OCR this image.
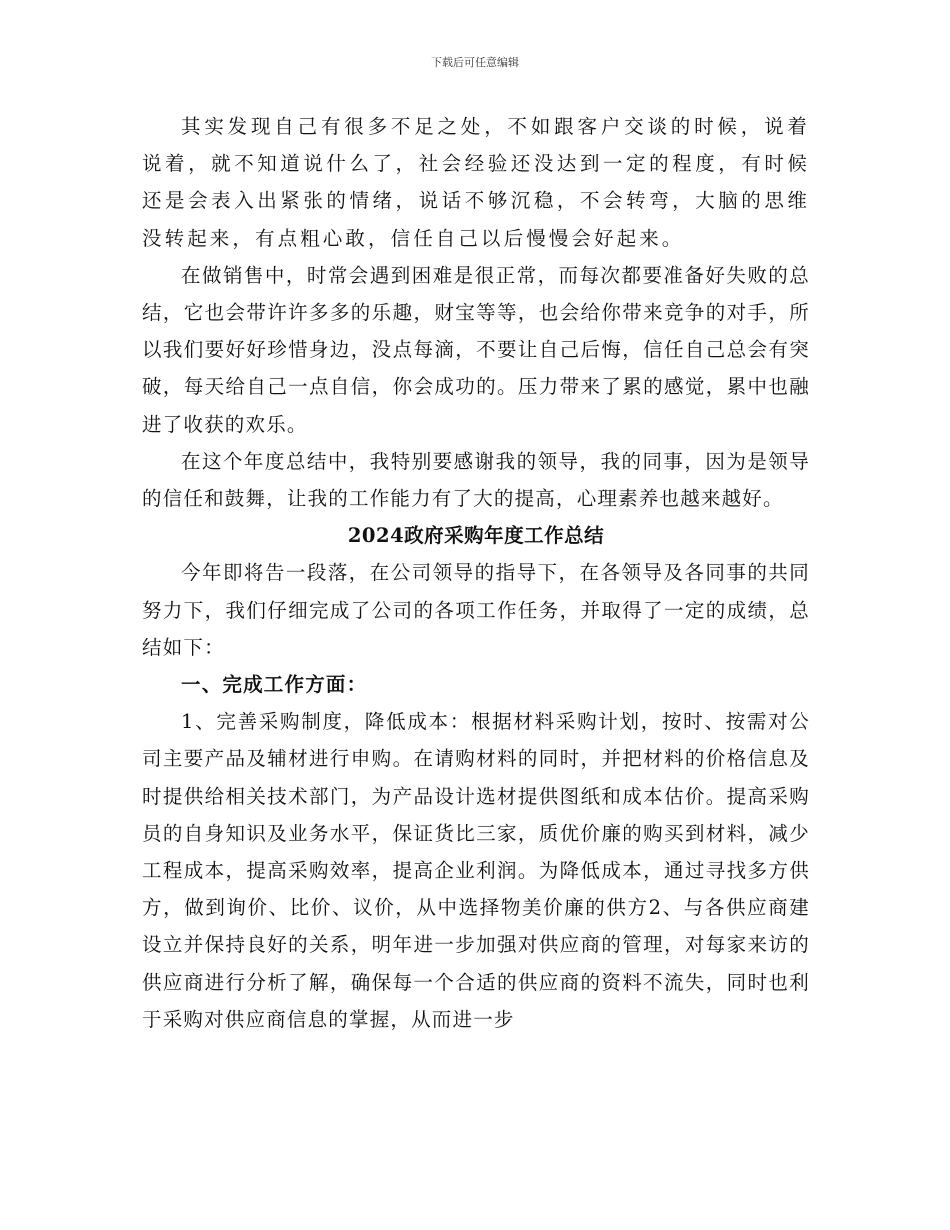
下载后可任意编辑

其实发现自己有很多不足之处，不如跟客户交谈的时候，说着说着，就不知道说什么了，社会经验还没达到一定的程度，有时候还是会表入出紧张的情绪，说话不够沉稳，不会转弯，大脑的思维没转起来，有点粗心敢，信任自己以后慢慢会好起来。

在做销售中，时常会遇到困难是很正常，而每次都要准备好失败的总结，它也会带许许多多的乐趣，财宝等等，也会给你带来竞争的对手，所以我们要好好珍惜身边，没点每滴，不要让自己后悔，信任自己总会有突破，每天给自己一点自信，你会成功的。压力带来了累的感觉，累中也融进了收获的欢乐。

在这个年度总结中，我特别要感谢我的领导，我的同事，因为是领导的信任和鼓舞，让我的工作能力有了大的提高，心理素养也越来越好。

2024政府采购年度工作总结

今年即将告一段落，在公司领导的指导下，在各领导及各同事的共同努力下，我们仔细完成了公司的各项工作任务，并取得了一定的成绩，总结如下：

一、完成工作方面：

1、完善采购制度，降低成本：根据材料采购计划，按时、按需对公司主要产品及辅材进行申购。在请购材料的同时，并把材料的价格信息及时提供给相关技术部门，为产品设计选材提供图纸和成本估价。提高采购员的自身知识及业务水平，保证货比三家，质优价廉的购买到材料，减少工程成本，提高采购效率，提高企业利润。为降低成本，通过寻找多方供方，做到询价、比价、议价，从中选择物美价廉的供方2、与各供应商建设立并保持良好的关系，明年进一步加强对供应商的管理，对每家来访的供应商进行分析了解，确保每一个合适的供应商的资料不流失，同时也利于采购对供应商信息的掌握，从而进一步
